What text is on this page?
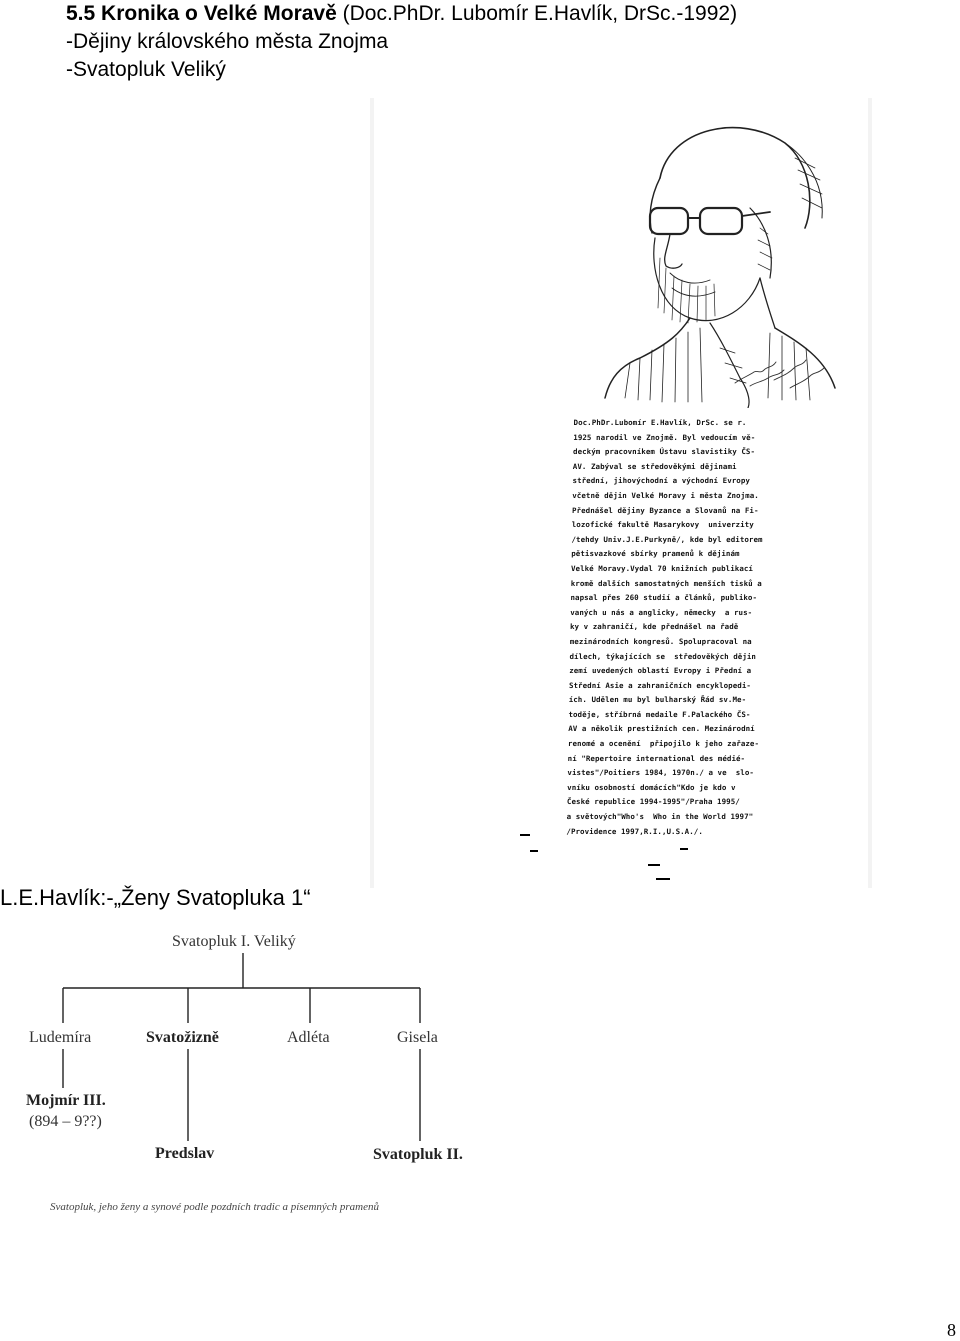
5.5 Kronika o Velké Moravě (Doc.PhDr. Lubomír E.Havlík, DrSc.-1992)
-Dějiny královského města Znojma
-Svatopluk Veliký
Doc.PhDr.Lubomír E.Havlík, DrSc. se r.
1925 narodil ve Znojmě. Byl vedoucím vě-
deckým pracovníkem Ústavu slavistiky ČS-
AV. Zabýval se středověkými dějinami
střední, jihovýchodní a východní Evropy
včetně dějin Velké Moravy i města Znojma.
Přednášel dějiny Byzance a Slovanů na Fi-
lozofické fakultě Masarykovy  univerzity
/tehdy Univ.J.E.Purkyně/, kde byl editorem
pětisvazkové sbírky pramenů k dějinám
Velké Moravy.Vydal 70 knižních publikací
kromě dalších samostatných menších tisků a
napsal přes 260 studií a článků, publiko-
vaných u nás a anglicky, německy  a rus-
ky v zahraničí, kde přednášel na řadě
mezinárodních kongresů. Spolupracoval na
dílech, týkajících se  středověkých dějin
zemí uvedených oblastí Evropy i Přední a
Střední Asie a zahraničních encyklopedi-
ích. Udělen mu byl bulharský Řád sv.Me-
toděje, stříbrná medaile F.Palackého ČS-
AV a několik prestižních cen. Mezinárodní
renomé a ocenění  připojilo k jeho zařaze-
ní "Repertoire international des médié-
vistes"/Poitiers 1984, 1970n./ a ve  slo-
vníku osobností domácích"Kdo je kdo v
České republice 1994-1995"/Praha 1995/
a světových"Who's  Who in the World 1997"
/Providence 1997,R.I.,U.S.A./.
L.E.Havlík:-„Ženy Svatopluka 1“
Svatopluk I. Veliký
Ludemíra	Svatožizně	Adléta	Gisela
Mojmír III.
(894 – 9??)
Predslav	Svatopluk II.
Svatopluk, jeho ženy a synové podle pozdních tradic a písemných pramenů
8
